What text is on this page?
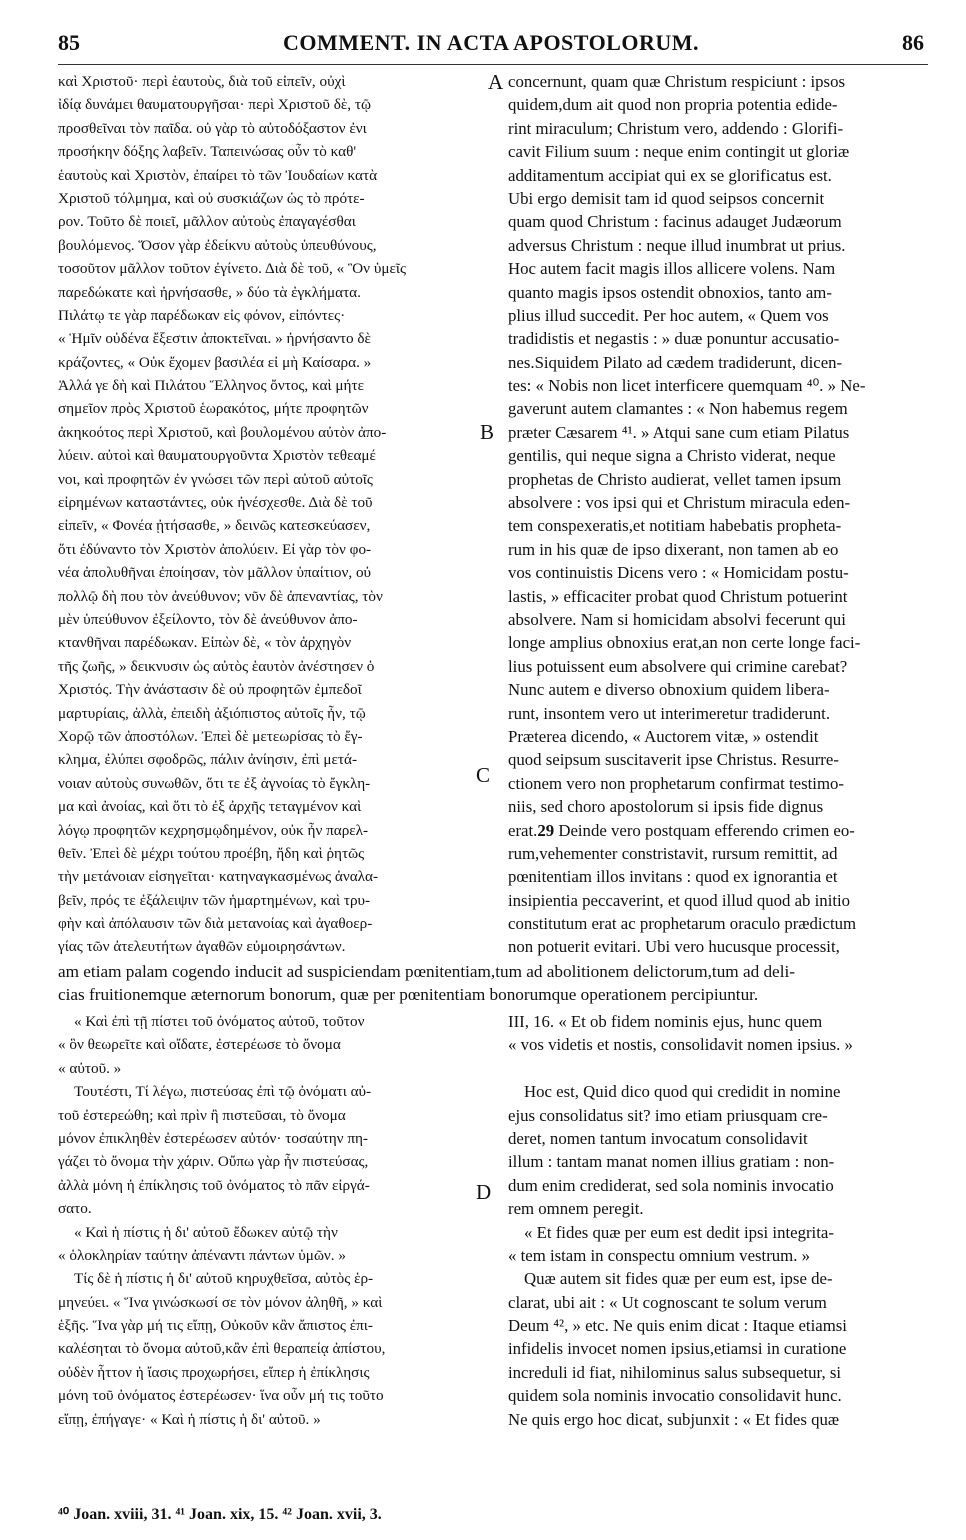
85	COMMENT. IN ACTA APOSTOLORUM.	86
καὶ Χριστοῦ· περὶ ἑαυτοὺς, διὰ τοῦ εἰπεῖν, οὐχὶ
ἰδίᾳ δυνάμει θαυματουργῆσαι· περὶ Χριστοῦ δὲ, τῷ
προσθεῖναι τὸν παῖδα. οὐ γὰρ τὸ αὐτοδόξαστον ἐνι
προσήκην δόξης λαβεῖν. Ταπεινώσας οὖν τὸ καθ'
ἑαυτοὺς καὶ Χριστὸν, ἐπαίρει τὸ τῶν Ἰουδαίων κατὰ
Χριστοῦ τόλμημα, καὶ οὐ συσκιάζων ὡς τὸ πρότε-
ρον. Τοῦτο δὲ ποιεῖ, μᾶλλον αὐτοὺς ἐπαγαγέσθαι
βουλόμενος. Ὅσον γὰρ ἐδείκνυ αὐτοὺς ὑπευθύνους,
τοσοῦτον μᾶλλον τοῦτον ἐγίνετο. Διὰ δὲ τοῦ, « Ὃν ὑμεῖς
παρεδώκατε καὶ ἠρνήσασθε, » δύο τὰ ἐγκλήματα.
Πιλάτῳ τε γὰρ παρέδωκαν εἰς φόνον, εἰπόντες·
« Ἡμῖν οὐδένα ἔξεστιν ἀποκτεῖναι. » ἠρνήσαντο δὲ
κράζοντες, « Οὐκ ἔχομεν βασιλέα εἰ μὴ Καίσαρα. »
Ἀλλά γε δὴ καὶ Πιλάτου Ἕλληνος ὄντος, καὶ μήτε
σημεῖον πρὸς Χριστοῦ ἑωρακότος, μήτε προφητῶν
ἀκηκοότος περὶ Χριστοῦ, καὶ βουλομένου αὐτὸν ἀπο-
λύειν. αὐτοὶ καὶ θαυματουργοῦντα Χριστὸν τεθεαμέ
νοι, καὶ προφητῶν ἐν γνώσει τῶν περὶ αὐτοῦ αὐτοῖς
εἰρημένων καταστάντες, οὐκ ἠνέσχεσθε. Διὰ δὲ τοῦ
εἰπεῖν, « Φονέα ᾐτήσασθε, » δεινῶς κατεσκεύασεν,
ὅτι ἐδύναντο τὸν Χριστὸν ἀπολύειν. Εἰ γὰρ τὸν φο-
νέα ἀπολυθῆναι ἐποίησαν, τὸν μᾶλλον ὑπαίτιον, οὐ
πολλῷ δὴ που τὸν ἀνεύθυνον; νῦν δὲ ἀπεναντίας, τὸν
μὲν ὑπεύθυνον ἐξείλοντο, τὸν δὲ ἀνεύθυνον ἀπο-
κτανθῆναι παρέδωκαν. Εἰπὼν δὲ, « τὸν ἀρχηγὸν
τῆς ζωῆς, » δεικνυσιν ὡς αὐτὸς ἑαυτὸν ἀνέστησεν ὁ
Χριστός. Τὴν ἀνάστασιν δὲ οὐ προφητῶν ἐμπεδοῖ
μαρτυρίαις, ἀλλὰ, ἐπειδὴ ἀξιόπιστος αὐτοῖς ἦν, τῷ
Χορῷ τῶν ἀποστόλων. Ἐπεὶ δὲ μετεωρίσας τὸ ἔγ-
κλημα, ἐλύπει σφοδρῶς, πάλιν ἀνίησιν, ἐπὶ μετά-
νοιαν αὐτοὺς συνωθῶν, ὅτι τε ἐξ ἀγνοίας τὸ ἔγκλη-
μα καὶ ἀνοίας, καὶ ὅτι τὸ ἐξ ἀρχῆς τεταγμένον καὶ
λόγῳ προφητῶν κεχρησμῳδημένον, οὐκ ἦν παρελ-
θεῖν. Ἐπεὶ δὲ μέχρι τούτου προέβη, ἤδη καὶ ῥητῶς
τὴν μετάνοιαν εἰσηγεῖται· κατηναγκασμένως ἀναλα-
βεῖν, πρός τε ἐξάλειψιν τῶν ἡμαρτημένων, καὶ τρυ-
φὴν καὶ ἀπόλαυσιν τῶν διὰ μετανοίας καὶ ἀγαθοερ-
γίας τῶν ἀτελευτήτων ἀγαθῶν εὐμοιρησάντων.
concernunt, quam quæ Christum respiciunt : ipsos
quidem,dum ait quod non propria potentia edide-
rint miraculum; Christum vero, addendo : Glorifi-
cavit Filium suum : neque enim contingit ut gloriæ
additamentum accipiat qui ex se glorificatus est.
Ubi ergo demisit tam id quod seipsos concernit
quam quod Christum : facinus adauget Judæorum
adversus Christum : neque illud inumbrat ut prius.
Hoc autem facit magis illos allicere volens. Nam
quanto magis ipsos ostendit obnoxios, tanto am-
plius illud succedit. Per hoc autem, « Quem vos
tradidistis et negastis : » duæ ponuntur accusatio-
nes.Siquidem Pilato ad cædem tradiderunt, dicen-
tes: « Nobis non licet interficere quemquam ⁴⁰. » Ne-
gaverunt autem clamantes : « Non habemus regem
præter Cæsarem ⁴¹. » Atqui sane cum etiam Pilatus
gentilis, qui neque signa a Christo viderat, neque
prophetas de Christo audierat, vellet tamen ipsum
absolvere : vos ipsi qui et Christum miracula eden-
tem conspexeratis,et notitiam habebatis propheta-
rum in his quæ de ipso dixerant, non tamen ab eo
vos continuistis Dicens vero : « Homicidam postu-
lastis, » efficaciter probat quod Christum potuerint
absolvere. Nam si homicidam absolvi fecerunt qui
longe amplius obnoxius erat,an non certe longe faci-
lius potuissent eum absolvere qui crimine carebat?
Nunc autem e diverso obnoxium quidem libera-
runt, insontem vero ut interimeretur tradiderunt.
Præterea dicendo, « Auctorem vitæ, » ostendit
quod seipsum suscitaverit ipse Christus. Resurre-
ctionem vero non prophetarum confirmat testimo-
niis, sed choro apostolorum si ipsis fide dignus
erat.29 Deinde vero postquam efferendo crimen eo-
rum,vehementer constristavit, rursum remittit, ad
pœnitentiam illos invitans : quod ex ignorantia et
insipientia peccaverint, et quod illud quod ab initio
constitutum erat ac prophetarum oraculo prædictum
non potuerit evitari. Ubi vero hucusque processit,
A
B
C
D
am etiam palam cogendo inducit ad suspiciendam pœnitentiam,tum ad abolitionem delictorum,tum ad deli-
cias fruitionemque æternorum bonorum, quæ per pœnitentiam bonorumque operationem percipiuntur.
« Καὶ ἐπὶ τῇ πίστει τοῦ ὀνόματος αὐτοῦ, τοῦτον
« ὃν θεωρεῖτε καὶ οἴδατε, ἐστερέωσε τὸ ὄνομα
« αὐτοῦ. »
Τουτέστι, Τί λέγω, πιστεύσας ἐπὶ τῷ ὀνόματι αὐ-
τοῦ ἐστερεώθη; καὶ πρὶν ἢ πιστεῦσαι, τὸ ὄνομα
μόνον ἐπικληθὲν ἐστερέωσεν αὐτόν· τοσαύτην πη-
γάζει τὸ ὄνομα τὴν χάριν. Οὔπω γὰρ ἦν πιστεύσας,
ἀλλὰ μόνη ἡ ἐπίκλησις τοῦ ὀνόματος τὸ πᾶν εἰργά-
σατο.
« Καὶ ἡ πίστις ἡ δι' αὐτοῦ ἔδωκεν αὐτῷ τὴν
« ὁλοκληρίαν ταύτην ἀπέναντι πάντων ὑμῶν. »
Τίς δὲ ἡ πίστις ἡ δι' αὐτοῦ κηρυχθεῖσα, αὐτὸς ἑρ-
μηνεύει. « Ἵνα γινώσκωσί σε τὸν μόνον ἀληθῆ, » καὶ
ἑξῆς. Ἵνα γὰρ μή τις εἴπῃ, Οὐκοῦν κἂν ἄπιστος ἐπι-
καλέσηται τὸ ὄνομα αὐτοῦ,κἂν ἐπὶ θεραπείᾳ ἀπίστου,
οὐδὲν ἧττον ἡ ἴασις προχωρήσει, εἴπερ ἡ ἐπίκλησις
μόνη τοῦ ὀνόματος ἐστερέωσεν· ἵνα οὖν μή τις τοῦτο
εἴπῃ, ἐπήγαγε· « Καὶ ἡ πίστις ἡ δι' αὐτοῦ. »
III, 16. « Et ob fidem nominis ejus, hunc quem
« vos videtis et nostis, consolidavit nomen ipsius. »
Hoc est, Quid dico quod qui credidit in nomine
ejus consolidatus sit? imo etiam priusquam cre-
deret, nomen tantum invocatum consolidavit
illum : tantam manat nomen illius gratiam : non-
dum enim crediderat, sed sola nominis invocatio
rem omnem peregit.
« Et fides quæ per eum est dedit ipsi integrita-
« tem istam in conspectu omnium vestrum. »
Quæ autem sit fides quæ per eum est, ipse de-
clarat, ubi ait : « Ut cognoscant te solum verum
Deum ⁴², » etc. Ne quis enim dicat : Itaque etiamsi
infidelis invocet nomen ipsius,etiamsi in curatione
increduli id fiat, nihilominus salus subsequetur, si
quidem sola nominis invocatio consolidavit hunc.
Ne quis ergo hoc dicat, subjunxit : « Et fides quæ
⁴⁰ Joan. xviii, 31. ⁴¹ Joan. xix, 15. ⁴² Joan. xvii, 3.
